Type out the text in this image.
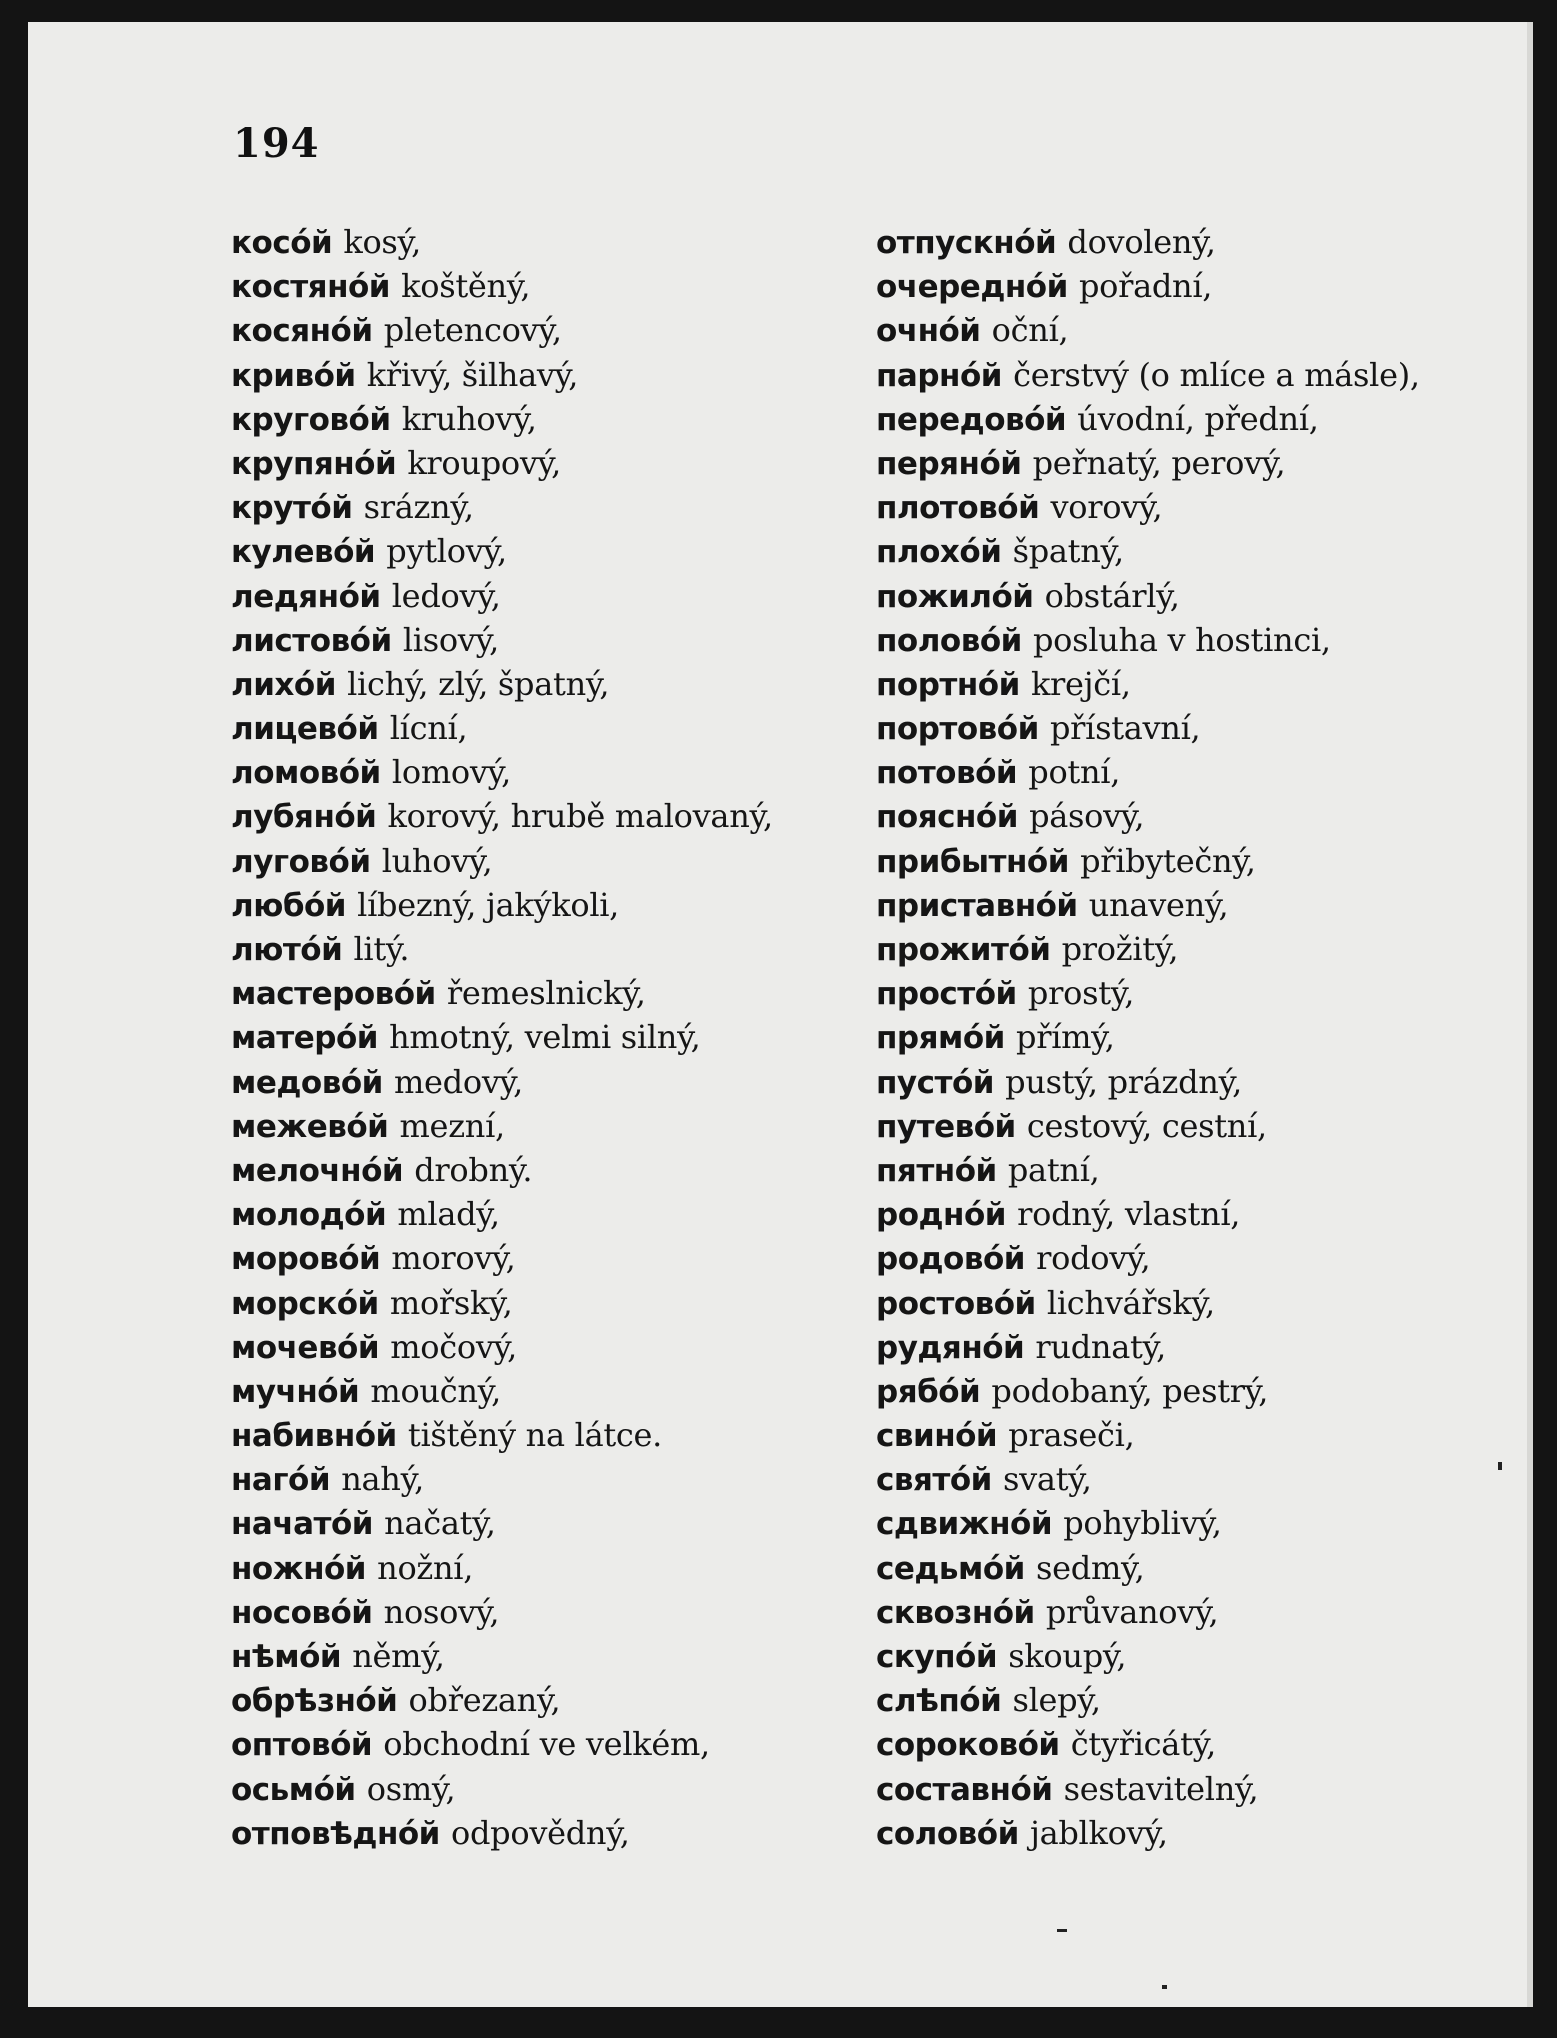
194
косо́й kosý,
костяно́й koštěný,
косяно́й pletencový,
криво́й křivý, šilhavý,
кругово́й kruhový,
крупяно́й kroupový,
круто́й srázný,
кулево́й pytlový,
ледяно́й ledový,
листово́й lisový,
лихо́й lichý, zlý, špatný,
лицево́й lícní,
ломово́й lomový,
лубяно́й korový, hrubě malovaný,
лугово́й luhový,
любо́й líbezný, jakýkoli,
люто́й litý.
мастерово́й řemeslnický,
матеро́й hmotný, velmi silný,
медово́й medový,
межево́й mezní,
мелочно́й drobný.
молодо́й mladý,
морово́й morový,
морско́й mořský,
мочево́й močový,
мучно́й moučný,
набивно́й tištěný na látce.
наго́й nahý,
начато́й načatý,
ножно́й nožní,
носово́й nosový,
нѣмо́й němý,
обрѣзно́й obřezaný,
оптово́й obchodní ve velkém,
осьмо́й osmý,
отповѣдно́й odpovědný,
отпускно́й dovolený,
очередно́й pořadní,
очно́й oční,
парно́й čerstvý (o mlíce a másle),
передово́й úvodní, přední,
перяно́й peřnatý, perový,
плотово́й vorový,
плохо́й špatný,
пожило́й obstárlý,
полово́й posluha v hostinci,
портно́й krejčí,
портово́й přístavní,
потово́й potní,
поясно́й pásový,
прибытно́й přibytečný,
приставно́й unavený,
прожито́й prožitý,
просто́й prostý,
прямо́й přímý,
пусто́й pustý, prázdný,
путево́й cestový, cestní,
пятно́й patní,
родно́й rodný, vlastní,
родово́й rodový,
ростово́й lichvářský,
рудяно́й rudnatý,
рябо́й podobaný, pestrý,
свино́й praseči,
свято́й svatý,
сдвижно́й pohyblivý,
седьмо́й sedmý,
сквозно́й průvanový,
скупо́й skoupý,
слѣпо́й slepý,
сороково́й čtyřicátý,
составно́й sestavitelný,
солово́й jablkový,
